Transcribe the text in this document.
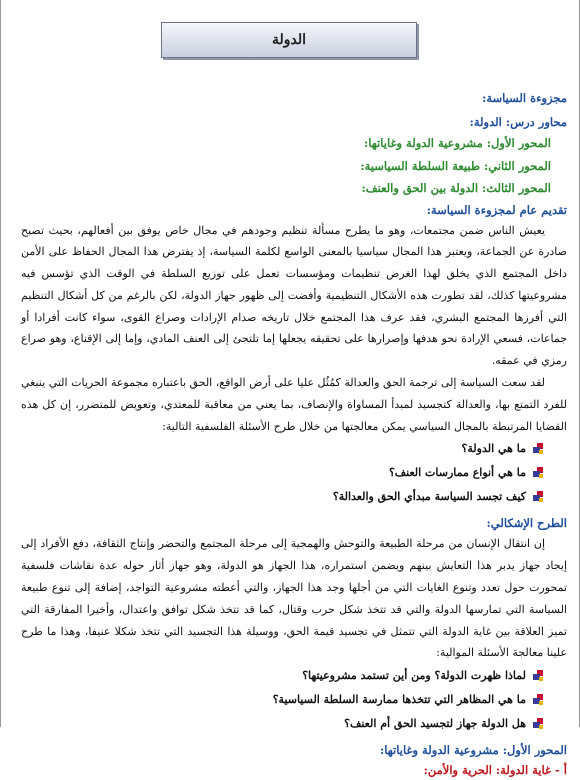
الدولة
مجزوءة السياسة:
محاور درس: الدولة:
المحور الأول: مشروعية الدولة وغاياتها:
المحور الثاني: طبيعة السلطة السياسية:
المحور الثالث: الدولة بين الحق والعنف:
تقديم عام لمجزوءة السياسة:

يعيش الناس ضمن مجتمعات، وهو ما يطرح مسألة تنظيم وجودهم في مجال خاص يوفق بين أفعالهم، بحيث تصبح صادرة عن الجماعة، ويعتبر هذا المجال سياسيا بالمعنى الواسع لكلمة السياسة، إذ يفترض هذا المجال الحفاظ على الأمن داخل المجتمع الذي يخلق لهذا الغرض تنظيمات ومؤسسات تعمل على توزيع السلطة في الوقت الذي تؤسس فيه مشروعيتها كذلك، لقد تطورت هذه الأشكال التنظيمية وأفضت إلى ظهور جهاز الدولة، لكن بالرغم من كل أشكال التنظيم التي أفرزها المجتمع البشري، فقد عرف هذا المجتمع خلال تاريخه صدام الإرادات وصراع القوى، سواء كانت أفرادا أو جماعات، فسعي الإرادة نحو هدفها وإصرارها على تحقيقه يجعلها إما تلتجئ إلى العنف المادي، وإما إلى الإقناع، وهو صراع رمزي في عمقه.

لقد سعت السياسة إلى ترجمة الحق والعدالة كمُثُل عليا على أرض الواقع، الحق باعتباره مجموعة الحريات التي ينبغي للفرد التمتع بها، والعدالة كتجسيد لمبدأ المساواة والإنصاف، بما يعني من معاقبة للمعتدي، وتعويض للمتضرر، إن كل هذه القضايا المرتبطة بالمجال السياسي يمكن معالجتها من خلال طرح الأسئلة الفلسفية التالية:

ما هي الدولة؟
ما هي أنواع ممارسات العنف؟
كيف تجسد السياسة مبدأي الحق والعدالة؟
الطرح الإشكالي:

إن انتقال الإنسان من مرحلة الطبيعة والتوحش والهمجية إلى مرحلة المجتمع والتحضر وإنتاج الثقافة، دفع الأفراد إلى إيجاد جهاز يدبر هذا التعايش بينهم ويضمن استمراره، هذا الجهاز هو الدولة، وهو جهاز أثار حوله عدة نقاشات فلسفية تمحورت حول تعدد وتنوع الغايات التي من أجلها وجد هذا الجهاز، والتي أعطته مشروعية التواجد، إضافة إلى تنوع طبيعة السياسة التي تمارسها الدولة والتي قد تتخذ شكل حرب وقتال، كما قد تتخذ شكل توافق واعتدال، وأخيرا المفارقة التي تميز العلاقة بين غاية الدولة التي تتمثل في تجسيد قيمة الحق، ووسيلة هذا التجسيد التي تتخذ شكلا عنيفا، وهذا ما طرح علينا معالجة الأسئلة الموالية:

لماذا ظهرت الدولة؟ ومن أين تستمد مشروعيتها؟
ما هي المظاهر التي تتخذها ممارسة السلطة السياسية؟
هل الدولة جهاز لتجسيد الحق أم العنف؟
المحور الأول: مشروعية الدولة وغاياتها:
أ - غاية الدولة: الحرية والأمن:
